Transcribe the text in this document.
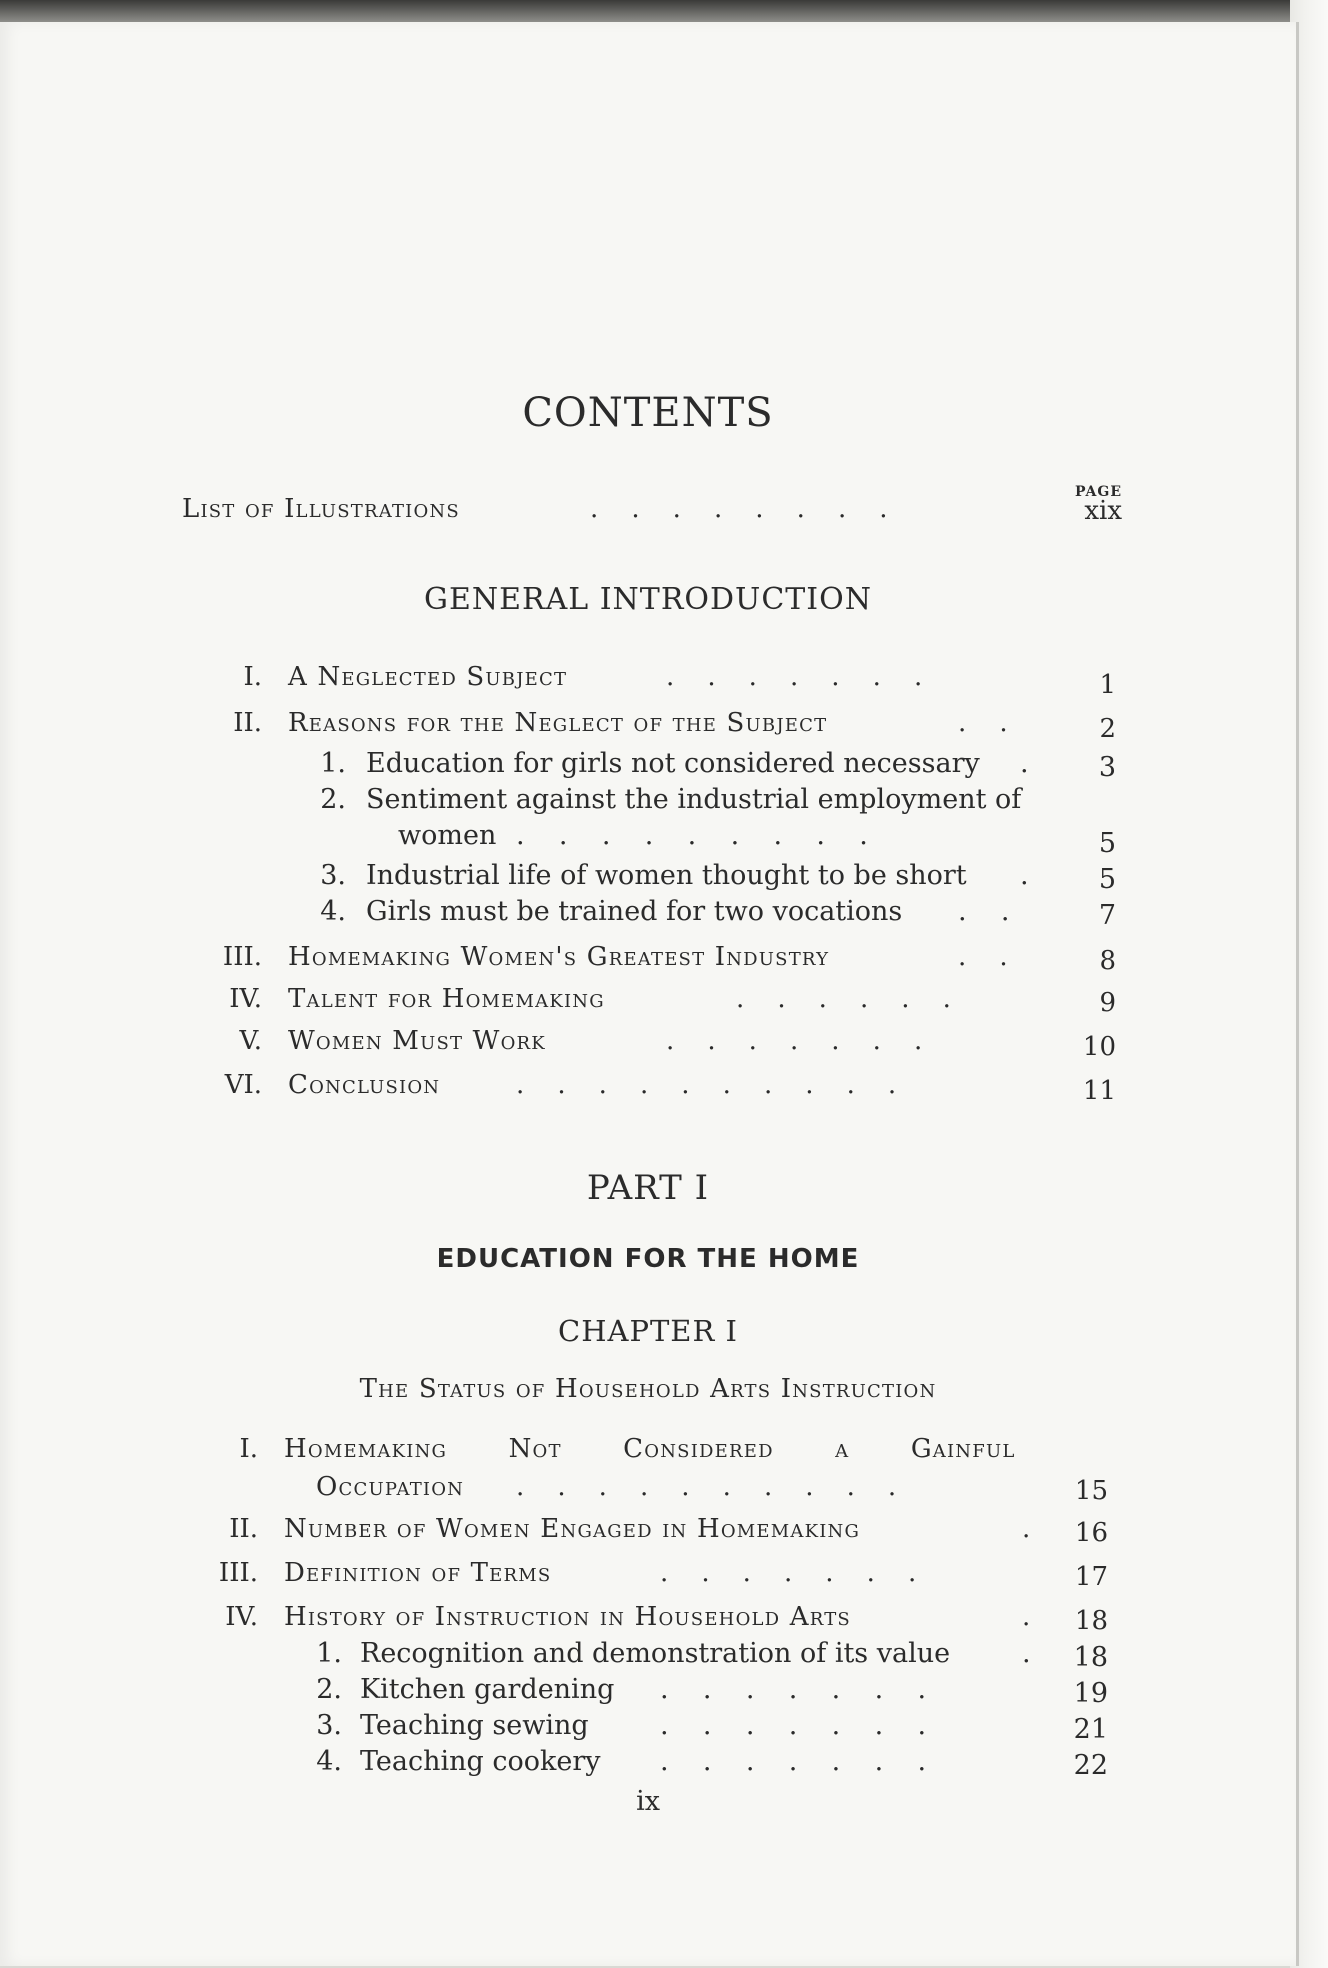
CONTENTS
PAGE
List of Illustrations	.    .    .    .    .    .    .    .	xix
GENERAL INTRODUCTION
I. A Neglected Subject	.    .    .    .    .    .    .	1
II. Reasons for the Neglect of the Subject	.    .	2
1. Education for girls not considered necessary .	3
2. Sentiment against the industrial employment of
women .    .    .    .    .    .    .    .    .	5
3. Industrial life of women thought to be short .	5
4. Girls must be trained for two vocations .    .	7
III. Homemaking Women's Greatest Industry	.    .	8
IV. Talent for Homemaking	.    .    .    .    .    .	9
V. Women Must Work	.    .    .    .    .    .    .	10
VI. Conclusion	.    .    .    .    .    .    .    .    .    .	11
PART I
EDUCATION FOR THE HOME
CHAPTER I
The Status of Household Arts Instruction
I. Homemaking Not Considered a Gainful
Occupation .    .    .    .    .    .    .    .    .    .	15
II. Number of Women Engaged in Homemaking	.	16
III. Definition of Terms	.    .    .    .    .    .    .	17
IV. History of Instruction in Household Arts	.	18
1. Recognition and demonstration of its value	.	18
2. Kitchen gardening .    .    .    .    .    .    .	19
3. Teaching sewing	.    .    .    .    .    .    .	21
4. Teaching cookery .    .    .    .    .    .    .	22
ix
